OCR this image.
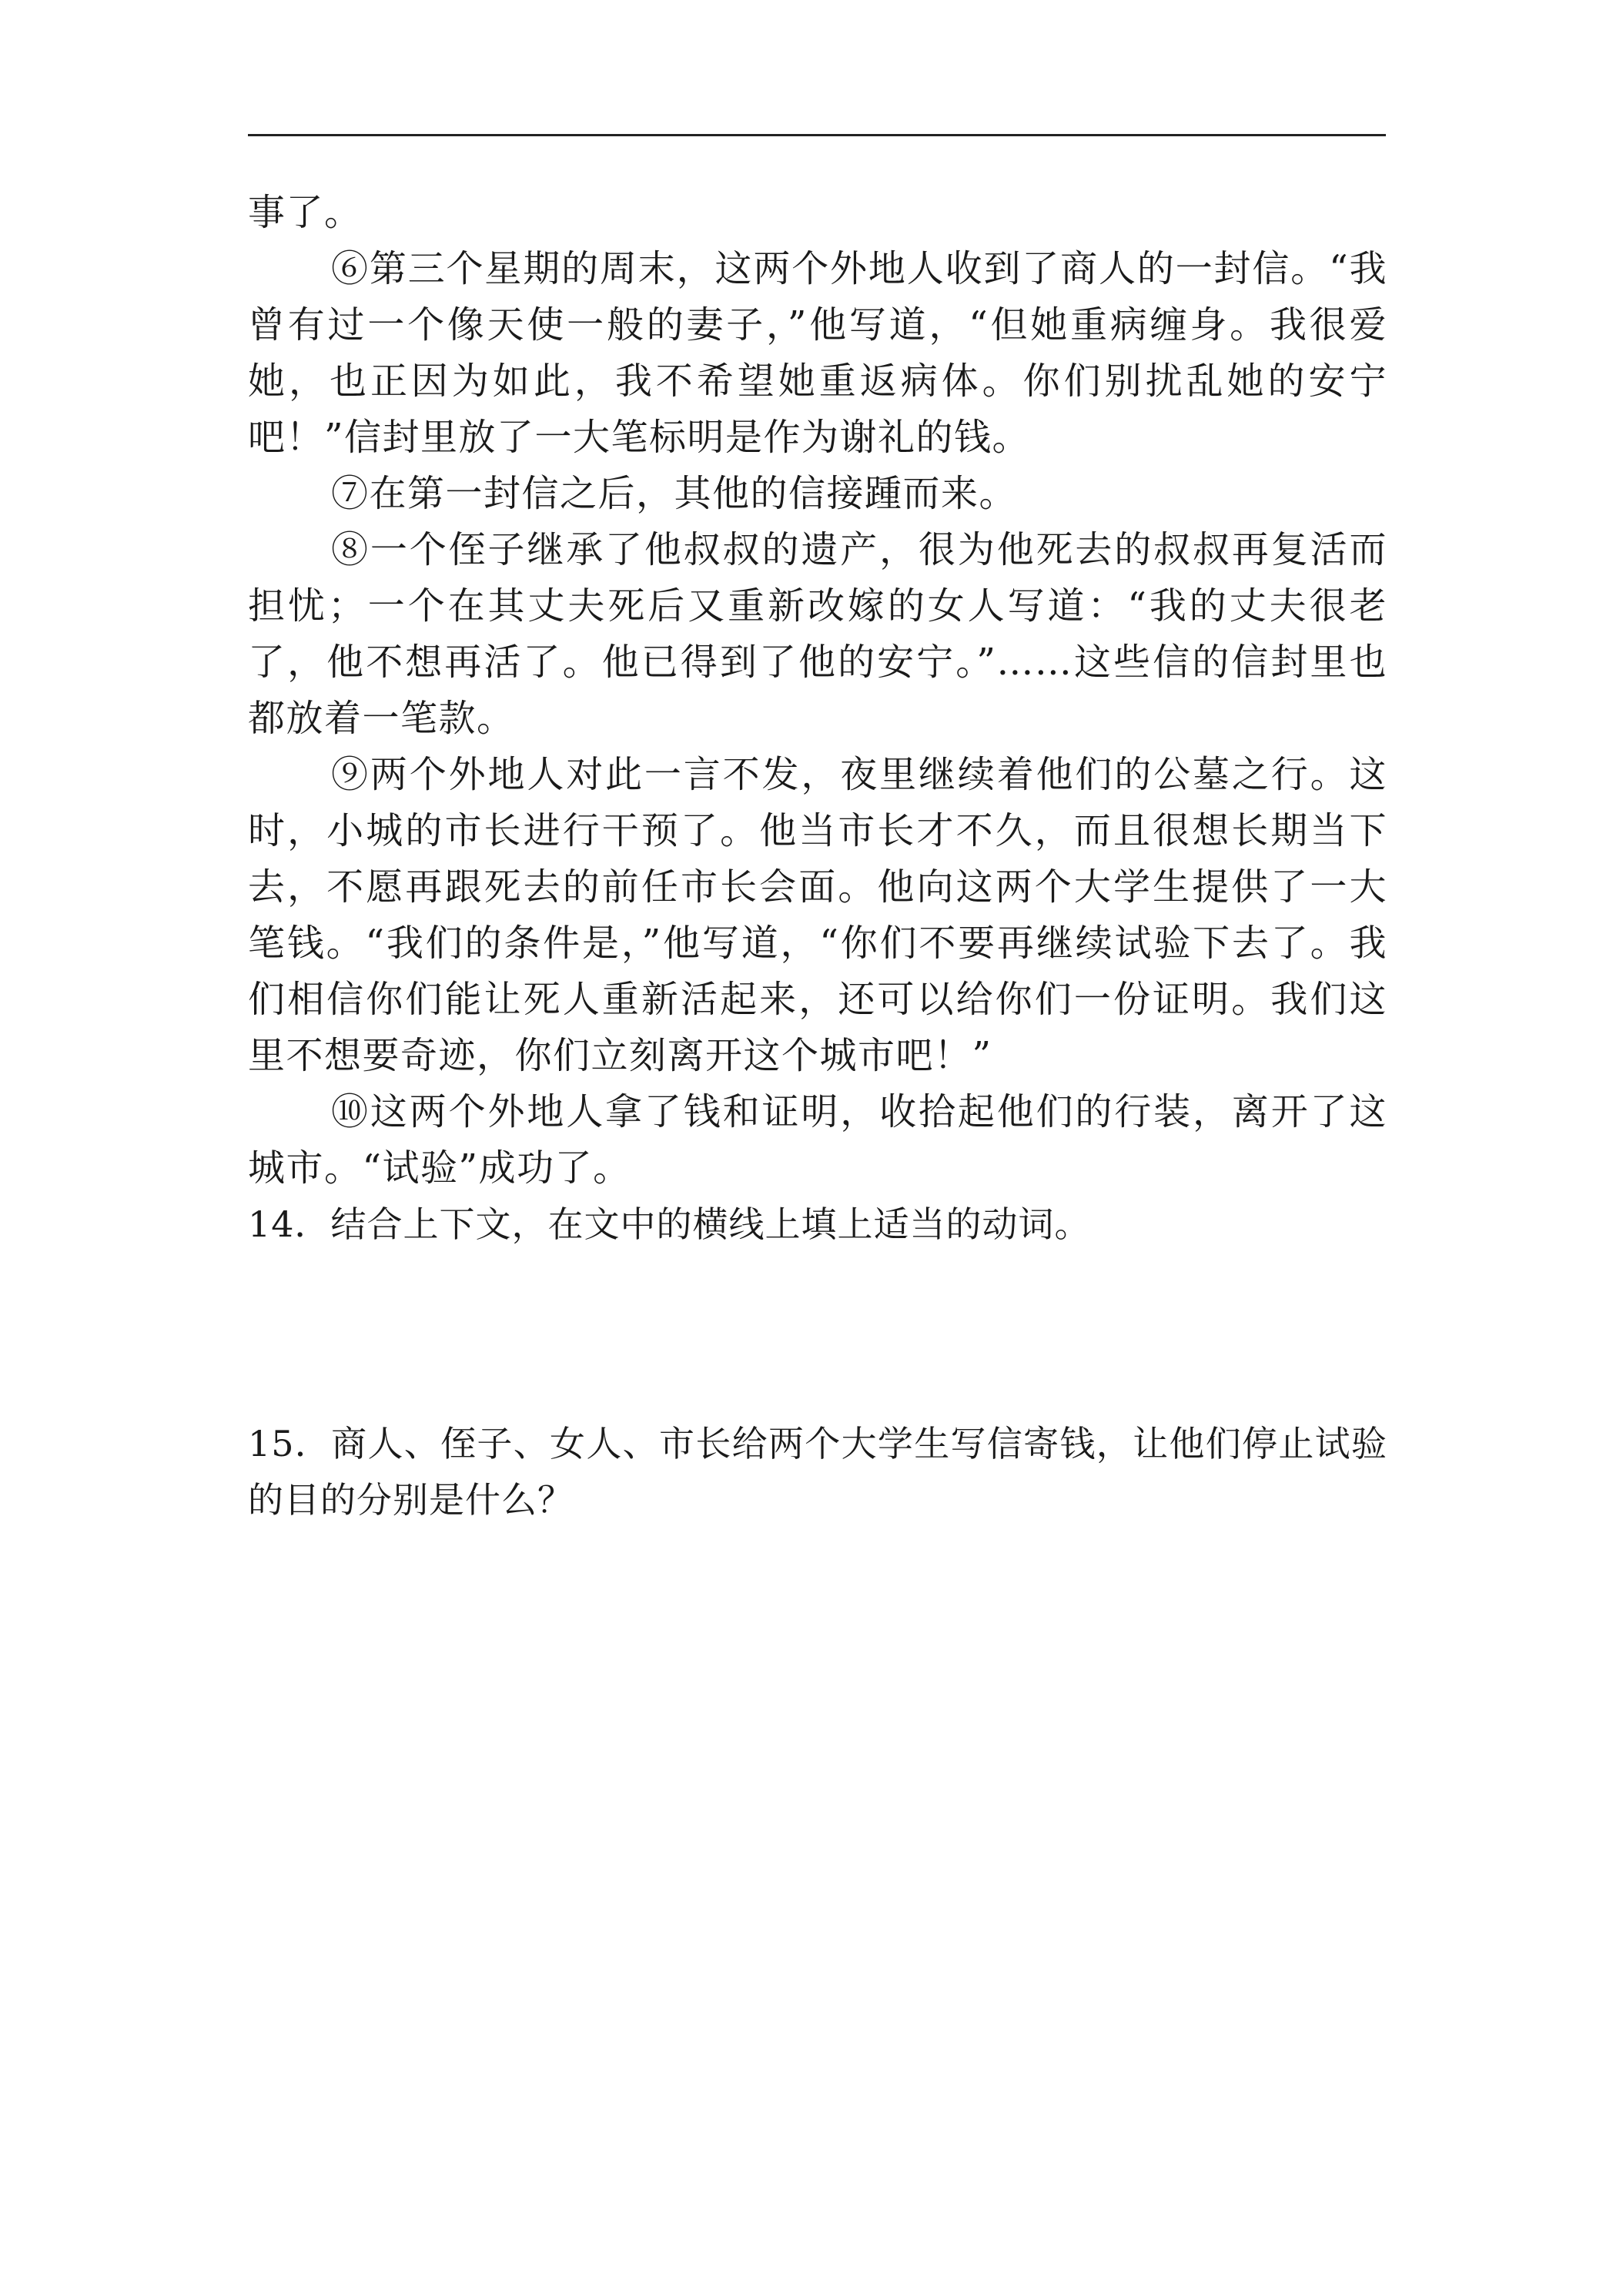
事了。

⑥第三个星期的周末，这两个外地人收到了商人的一封信。“我曾有过一个像天使一般的妻子，”他写道，“但她重病缠身。我很爱她，也正因为如此，我不希望她重返病体。你们别扰乱她的安宁吧！”信封里放了一大笔标明是作为谢礼的钱。

⑦在第一封信之后，其他的信接踵而来。

⑧一个侄子继承了他叔叔的遗产，很为他死去的叔叔再复活而担忧；一个在其丈夫死后又重新改嫁的女人写道：“我的丈夫很老了，他不想再活了。他已得到了他的安宁。”……这些信的信封里也都放着一笔款。

⑨两个外地人对此一言不发，夜里继续着他们的公墓之行。这时，小城的市长进行干预了。他当市长才不久，而且很想长期当下去，不愿再跟死去的前任市长会面。他向这两个大学生提供了一大笔钱。“我们的条件是，”他写道，“你们不要再继续试验下去了。我们相信你们能让死人重新活起来，还可以给你们一份证明。我们这里不想要奇迹，你们立刻离开这个城市吧！”

⑩这两个外地人拿了钱和证明，收拾起他们的行装，离开了这城市。“试验”成功了。

14．结合上下文，在文中的横线上填上适当的动词。

15．商人、侄子、女人、市长给两个大学生写信寄钱，让他们停止试验的目的分别是什么？
